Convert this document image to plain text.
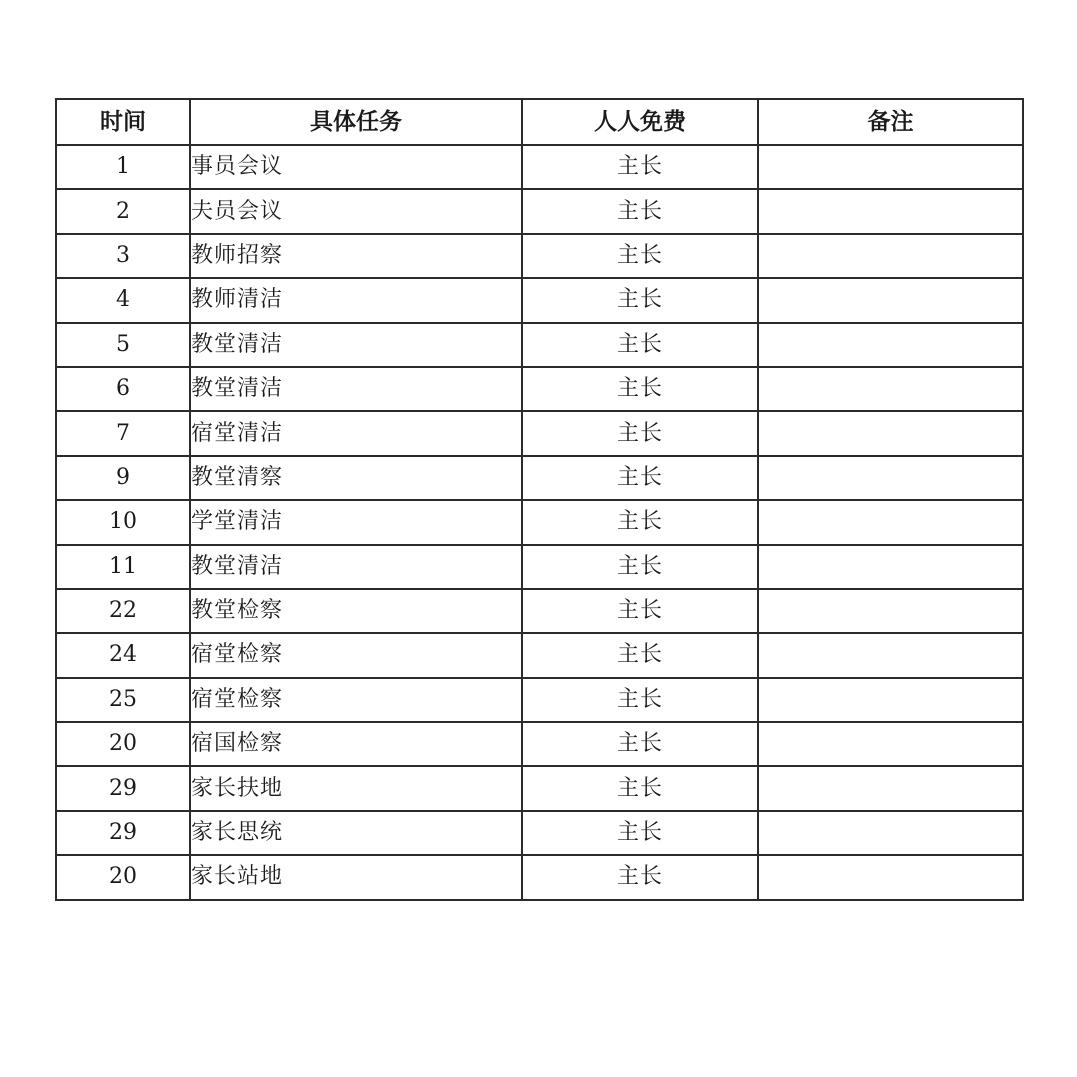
时间	具体任务	人人免费	备注
1	事员会议	主长	
2	夫员会议	主长	
3	教师招察	主长	
4	教师清洁	主长	
5	教堂清洁	主长	
6	教堂清洁	主长	
7	宿堂清洁	主长	
9	教堂清察	主长	
10	学堂清洁	主长	
11	教堂清洁	主长	
22	教堂检察	主长	
24	宿堂检察	主长	
25	宿堂检察	主长	
20	宿国检察	主长	
29	家长扶地	主长	
29	家长思统	主长	
20	家长站地	主长	
